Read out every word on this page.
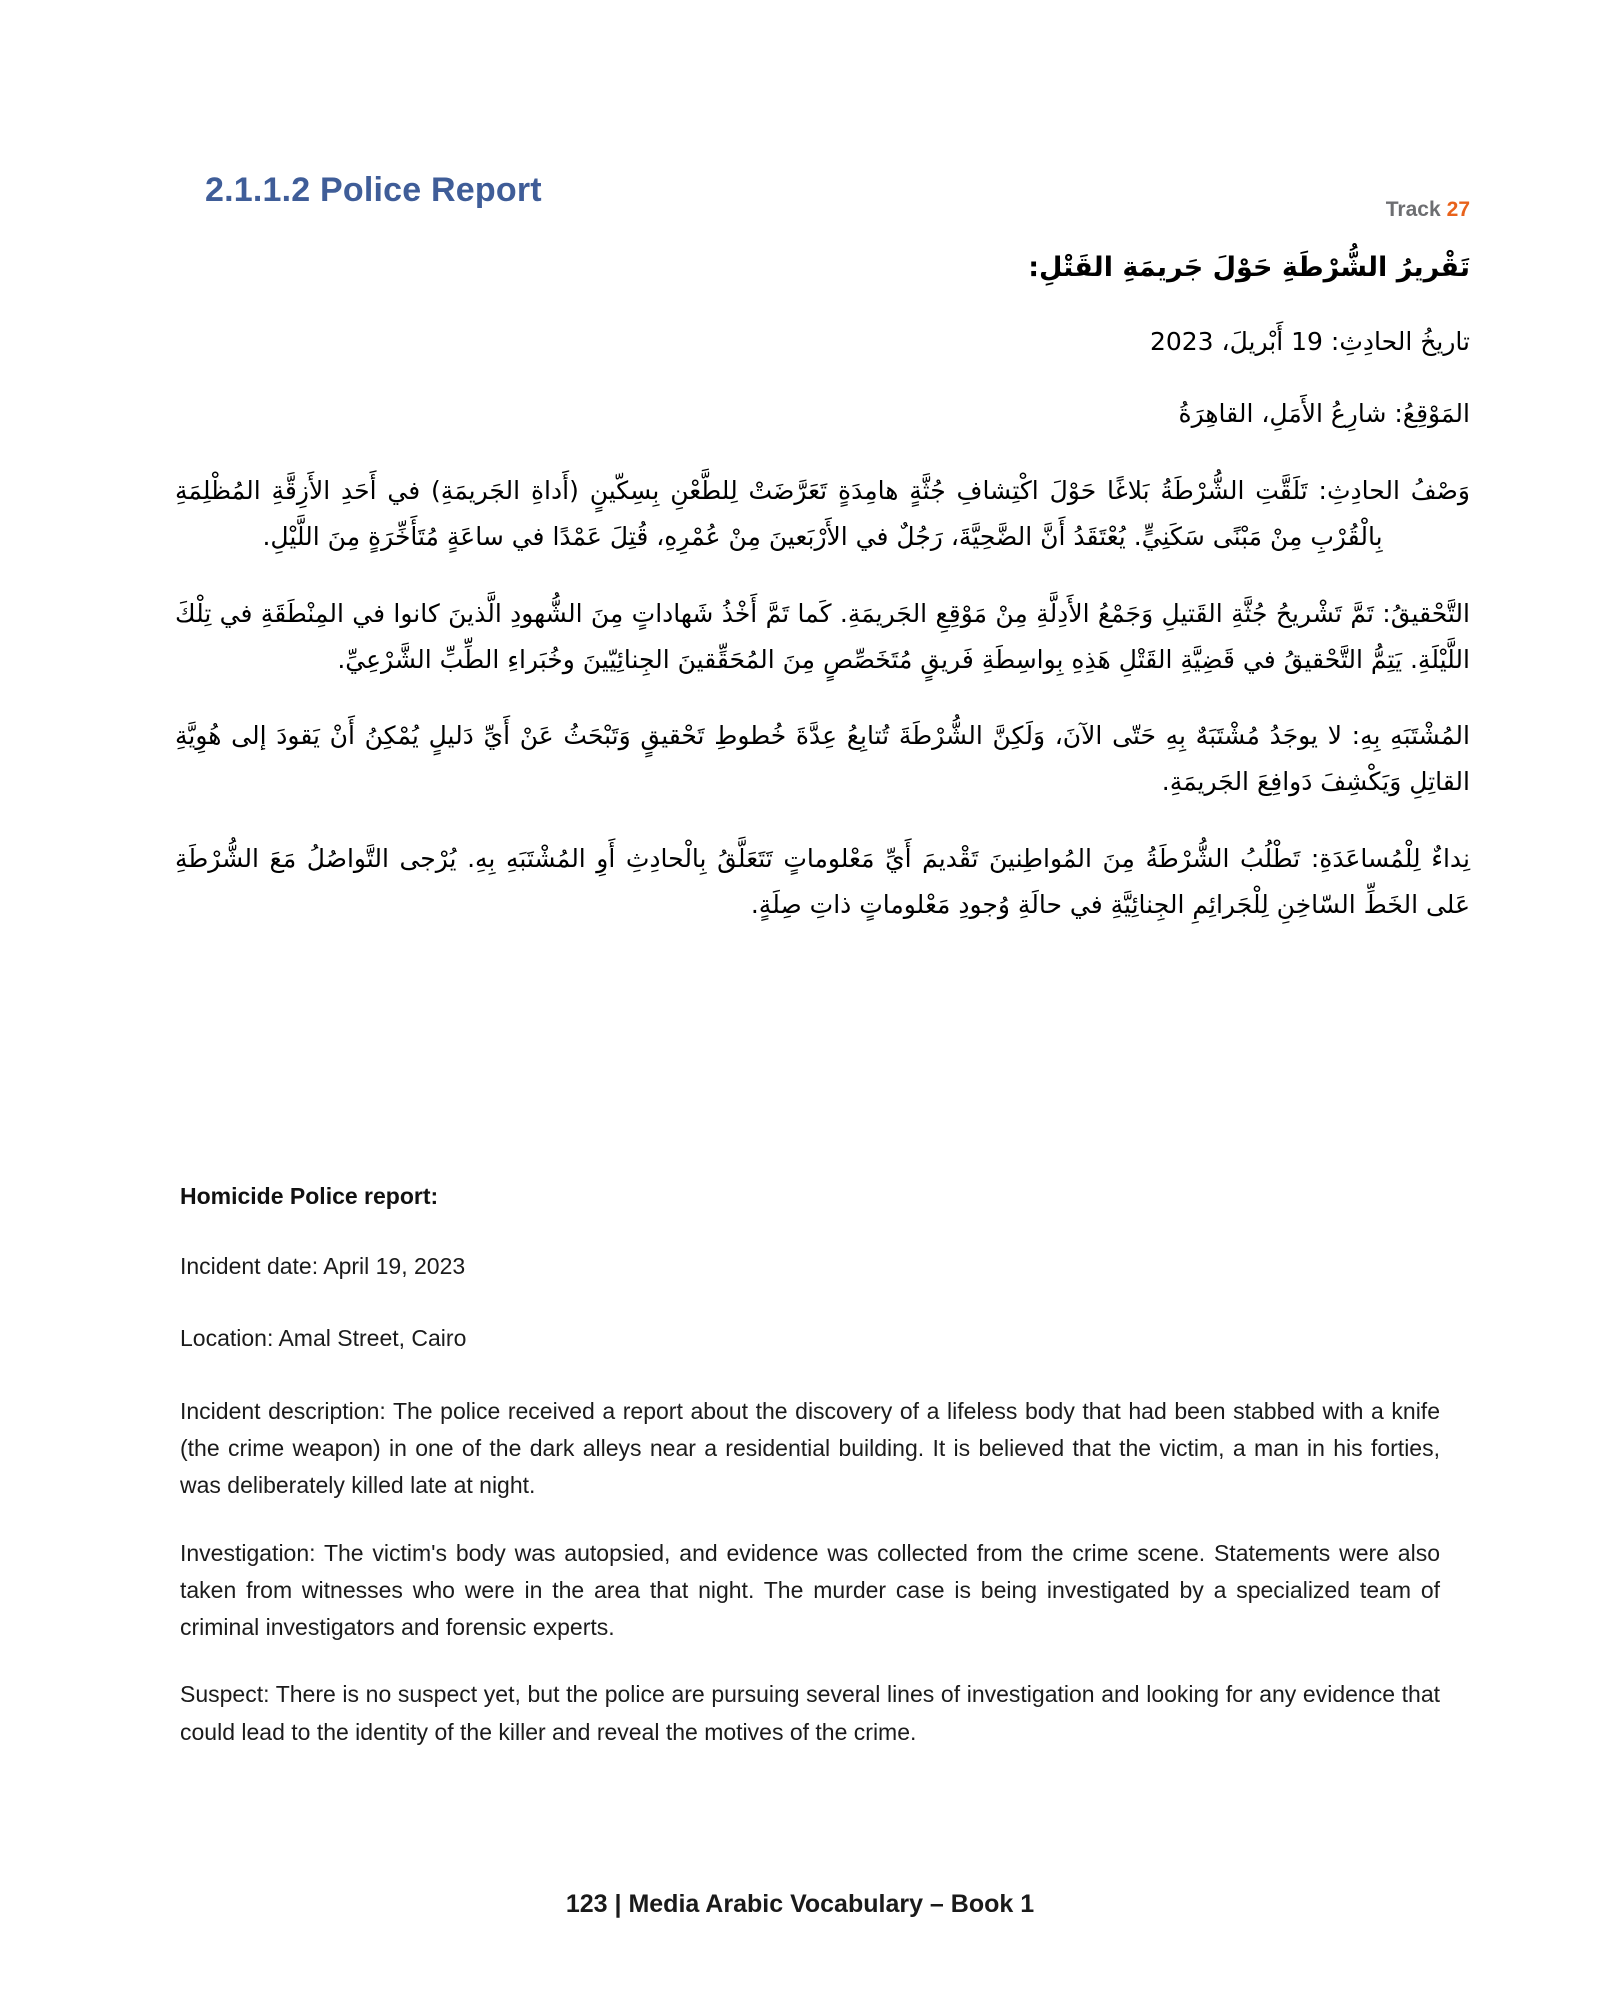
2.1.1.2 Police Report
Track 27

تَقْريرُ الشُّرْطَةِ حَوْلَ جَريمَةِ القَتْلِ:

تاريخُ الحادِثِ: 19 أَبْريلَ، 2023

المَوْقِعُ: شارِعُ الأَمَلِ، القاهِرَةُ

وَصْفُ الحادِثِ: تَلَقَّتِ الشُّرْطَةُ بَلاغًا حَوْلَ اكْتِشافِ جُثَّةٍ هامِدَةٍ تَعَرَّضَتْ لِلطَّعْنِ بِسِكّينٍ (أَداةِ الجَريمَةِ) في أَحَدِ الأَزِقَّةِ المُظْلِمَةِ بِالْقُرْبِ مِنْ مَبْنًى سَكَنِيٍّ. يُعْتَقَدُ أَنَّ الضَّحِيَّةَ، رَجُلٌ في الأَرْبَعينَ مِنْ عُمْرِهِ، قُتِلَ عَمْدًا في ساعَةٍ مُتَأَخِّرَةٍ مِنَ اللَّيْلِ.

التَّحْقيقُ: تَمَّ تَشْريحُ جُثَّةِ القَتيلِ وَجَمْعُ الأَدِلَّةِ مِنْ مَوْقِعِ الجَريمَةِ. كَما تَمَّ أَخْذُ شَهاداتٍ مِنَ الشُّهودِ الَّذينَ كانوا في المِنْطَقَةِ في تِلْكَ اللَّيْلَةِ. يَتِمُّ التَّحْقيقُ في قَضِيَّةِ القَتْلِ هَذِهِ بِواسِطَةِ فَريقٍ مُتَخَصِّصٍ مِنَ المُحَقِّقينَ الجِنائِيّينَ وخُبَراءِ الطِّبِّ الشَّرْعِيِّ.

المُشْتَبَهِ بِهِ: لا يوجَدُ مُشْتَبَهٌ بِهِ حَتّى الآنَ، وَلَكِنَّ الشُّرْطَةَ تُتابِعُ عِدَّةَ خُطوطِ تَحْقيقٍ وَتَبْحَثُ عَنْ أَيِّ دَليلٍ يُمْكِنُ أَنْ يَقودَ إلى هُوِيَّةِ القاتِلِ وَيَكْشِفَ دَوافِعَ الجَريمَةِ.

نِداءٌ لِلْمُساعَدَةِ: تَطْلُبُ الشُّرْطَةُ مِنَ المُواطِنينَ تَقْديمَ أَيِّ مَعْلوماتٍ تَتَعَلَّقُ بِالْحادِثِ أَوِ المُشْتَبَهِ بِهِ. يُرْجى التَّواصُلُ مَعَ الشُّرْطَةِ عَلى الخَطِّ السّاخِنِ لِلْجَرائِمِ الجِنائِيَّةِ في حالَةِ وُجودِ مَعْلوماتٍ ذاتِ صِلَةٍ.

Homicide Police report:

Incident date: April 19, 2023

Location: Amal Street, Cairo

Incident description: The police received a report about the discovery of a lifeless body that had been stabbed with a knife (the crime weapon) in one of the dark alleys near a residential building. It is believed that the victim, a man in his forties, was deliberately killed late at night.

Investigation: The victim's body was autopsied, and evidence was collected from the crime scene. Statements were also taken from witnesses who were in the area that night. The murder case is being investigated by a specialized team of criminal investigators and forensic experts.

Suspect: There is no suspect yet, but the police are pursuing several lines of investigation and looking for any evidence that could lead to the identity of the killer and reveal the motives of the crime.

123 | Media Arabic Vocabulary – Book 1
